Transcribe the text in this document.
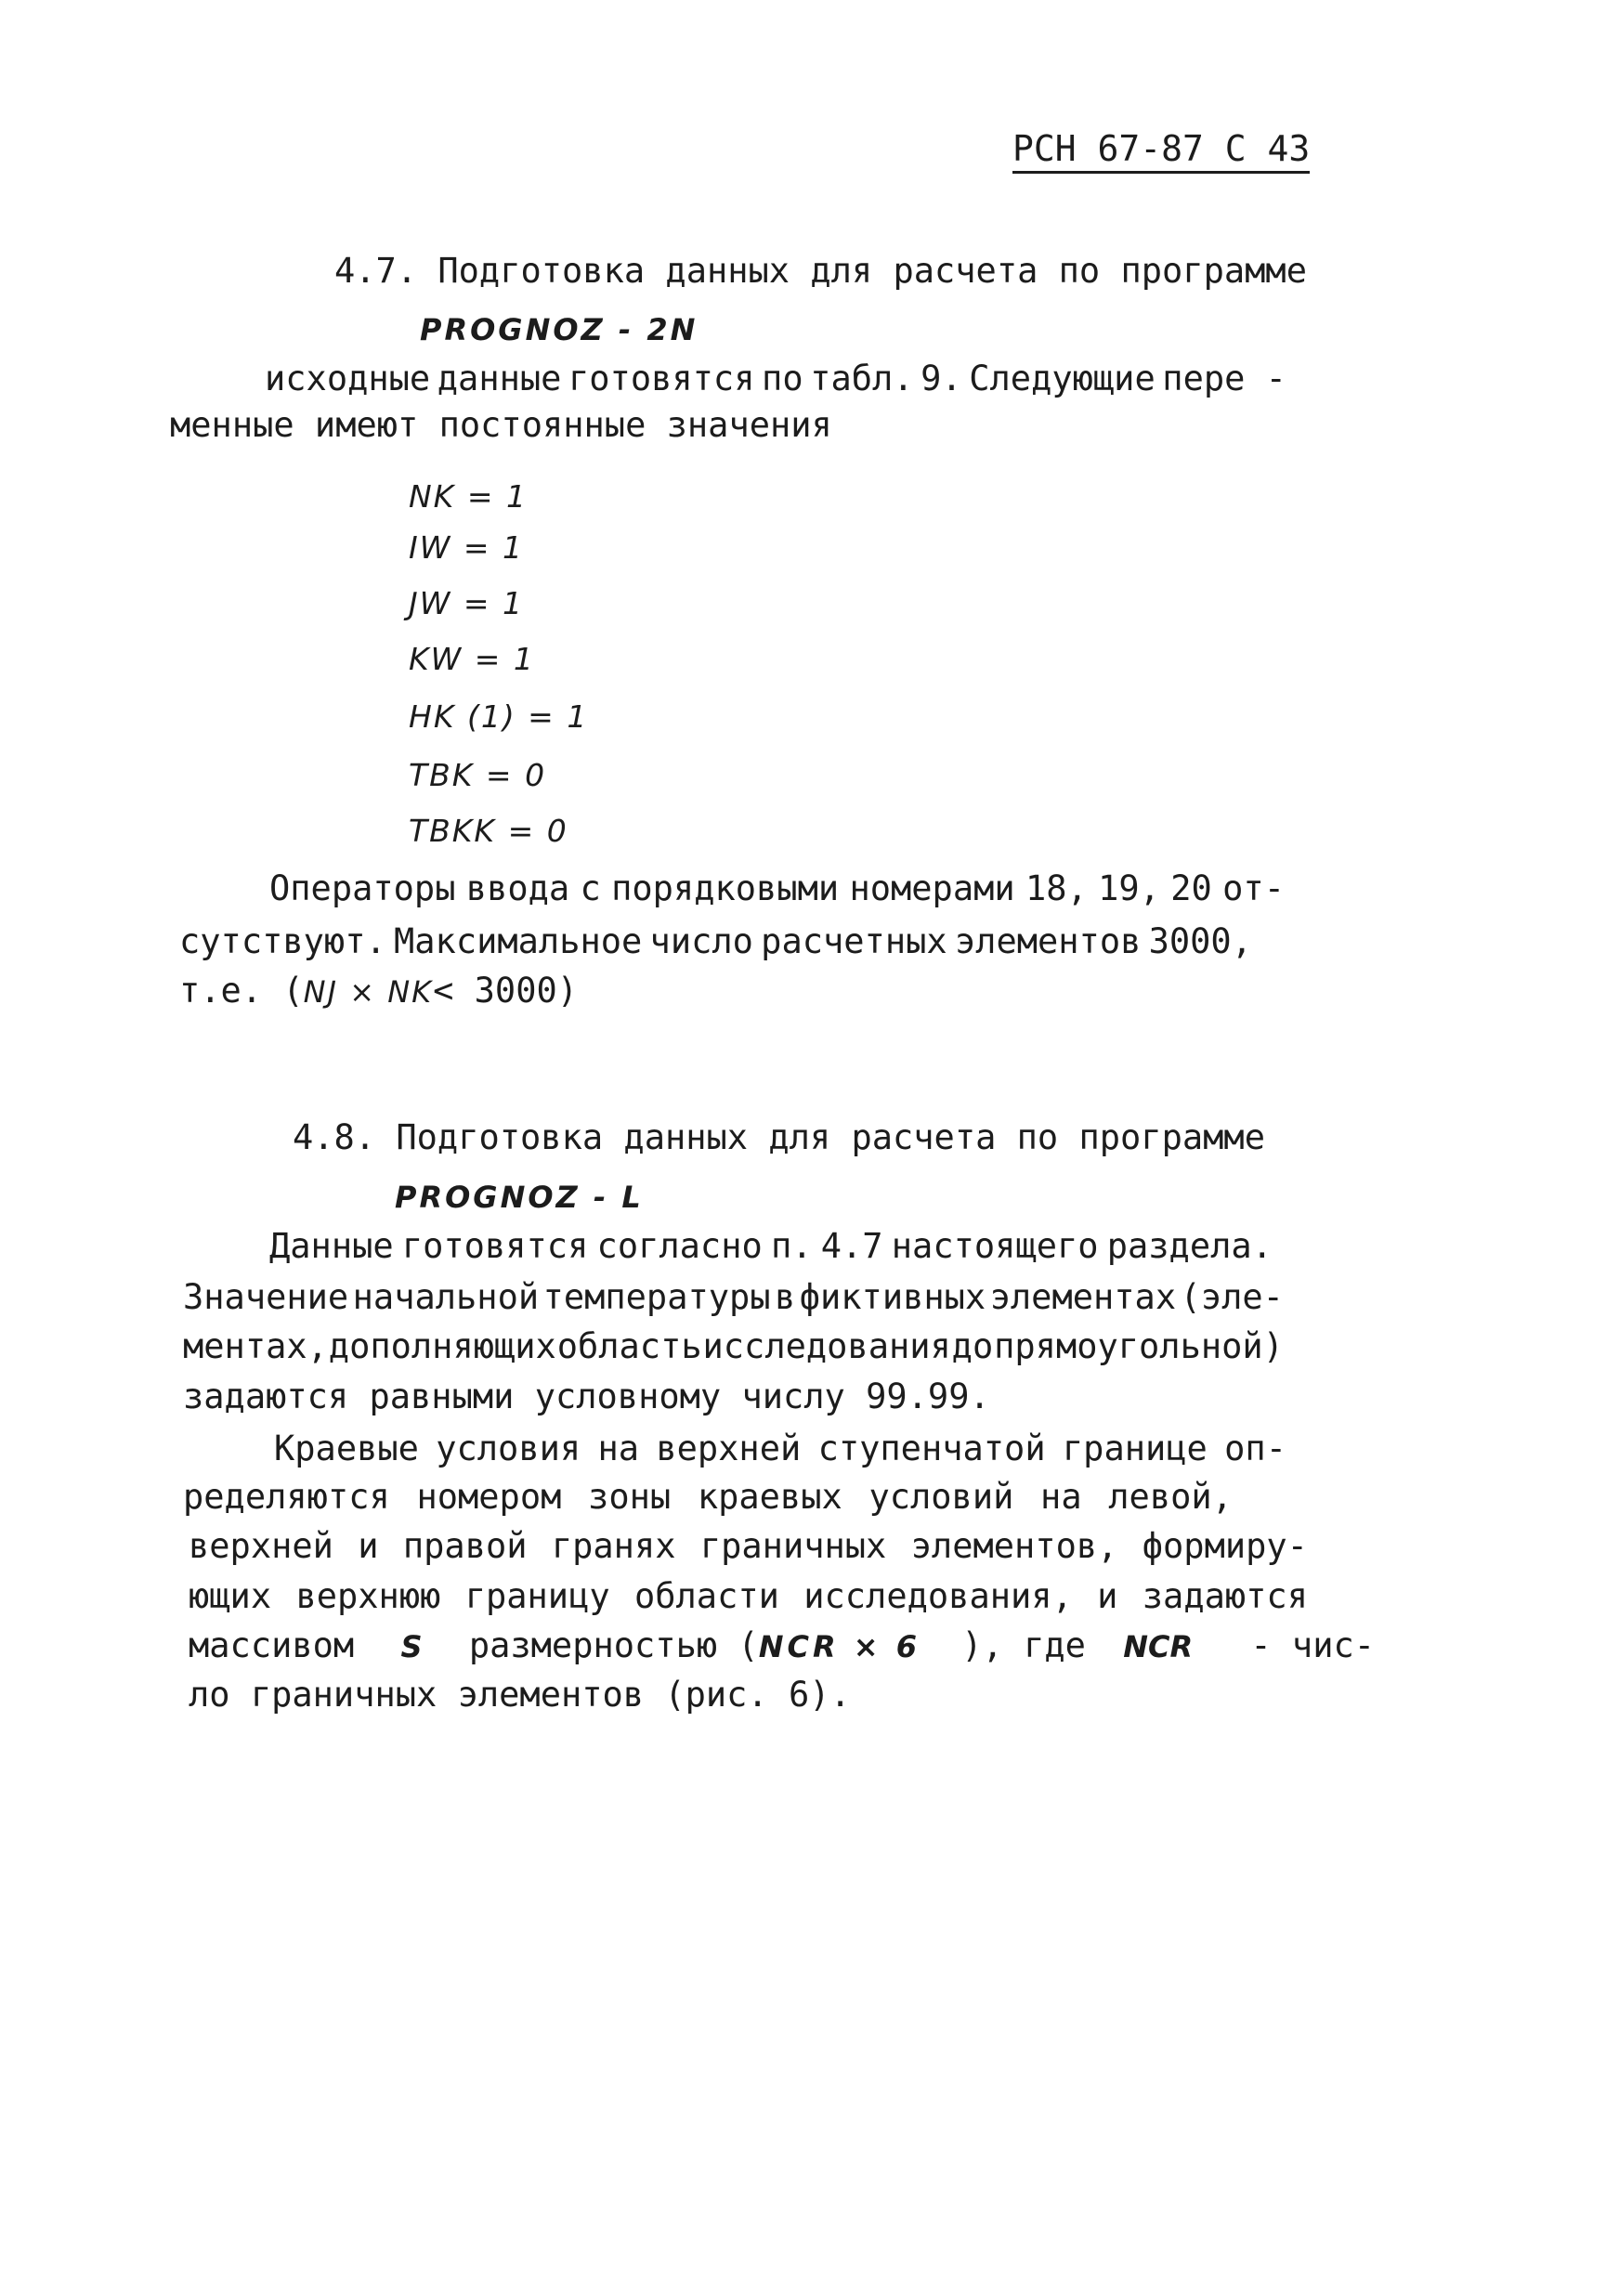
РСН 67-87 С 43
4.7. Подготовка данных для расчета по программе
PROGNOZ - 2N
исходные данные готовятся по табл. 9. Следующие пере -
менные имеют постоянные значения
NK = 1
IW = 1
JW = 1
KW = 1
HK (1) = 1
TBK = 0
TBKK = 0
Операторы ввода с порядковыми номерами 18, 19, 20 от-
сутствуют. Максимальное число расчетных элементов 3000,
т.е. (NJ × NK< 3000)
4.8. Подготовка данных для расчета по программе
PROGNOZ - L
Данные готовятся согласно п. 4.7 настоящего раздела.
Значение начальной температуры в фиктивных элементах (эле-
ментах, дополняющих область исследования до прямоугольной)
задаются равными условному числу 99.99.
Краевые условия на верхней ступенчатой границе оп-
ределяются номером зоны краевых условий на левой,
верхней и правой гранях граничных элементов, формиру-
ющих верхнюю границу области исследования, и задаются
массивом S размерностью (NCR × 6 ), где NCR - чис-
ло граничных элементов (рис. 6).
